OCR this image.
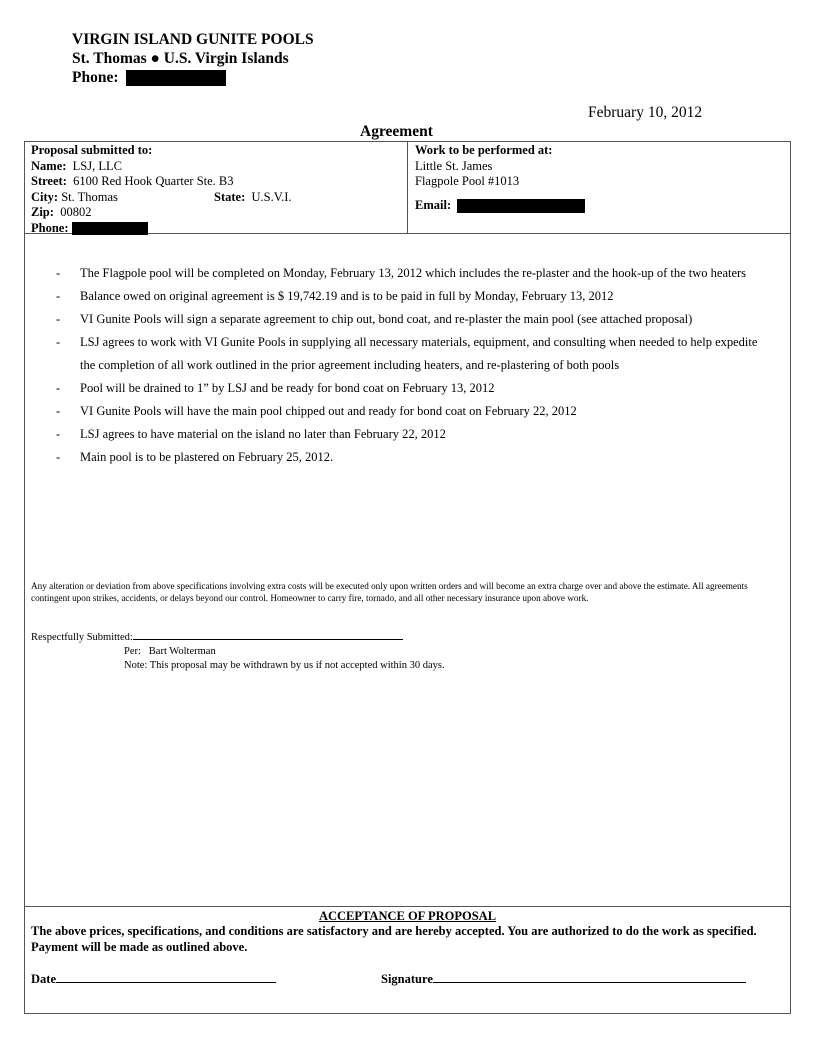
VIRGIN ISLAND GUNITE POOLS
St. Thomas ● U.S. Virgin Islands
Phone:
February 10, 2012
Agreement
Proposal submitted to:
Name: LSJ, LLC
Street: 6100 Red Hook Quarter Ste. B3
City: St. Thomas	State: U.S.V.I.
Zip: 00802
Phone:
Work to be performed at:
Little St. James
Flagpole Pool #1013
Email:
- The Flagpole pool will be completed on Monday, February 13, 2012 which includes the re-plaster and the hook-up of the two heaters
- Balance owed on original agreement is $ 19,742.19 and is to be paid in full by Monday, February 13, 2012
- VI Gunite Pools will sign a separate agreement to chip out, bond coat, and re-plaster the main pool (see attached proposal)
- LSJ agrees to work with VI Gunite Pools in supplying all necessary materials, equipment, and consulting when needed to help expedite the completion of all work outlined in the prior agreement including heaters, and re-plastering of both pools
- Pool will be drained to 1” by LSJ and be ready for bond coat on February 13, 2012
- VI Gunite Pools will have the main pool chipped out and ready for bond coat on February 22, 2012
- LSJ agrees to have material on the island no later than February 22, 2012
- Main pool is to be plastered on February 25, 2012.
Any alteration or deviation from above specifications involving extra costs will be executed only upon written orders and will become an extra charge over and above the estimate. All agreements contingent upon strikes, accidents, or delays beyond our control. Homeowner to carry fire, tornado, and all other necessary insurance upon above work.
Respectfully Submitted:
Per: Bart Wolterman
Note: This proposal may be withdrawn by us if not accepted within 30 days.
ACCEPTANCE OF PROPOSAL
The above prices, specifications, and conditions are satisfactory and are hereby accepted. You are authorized to do the work as specified. Payment will be made as outlined above.
Date	Signature
